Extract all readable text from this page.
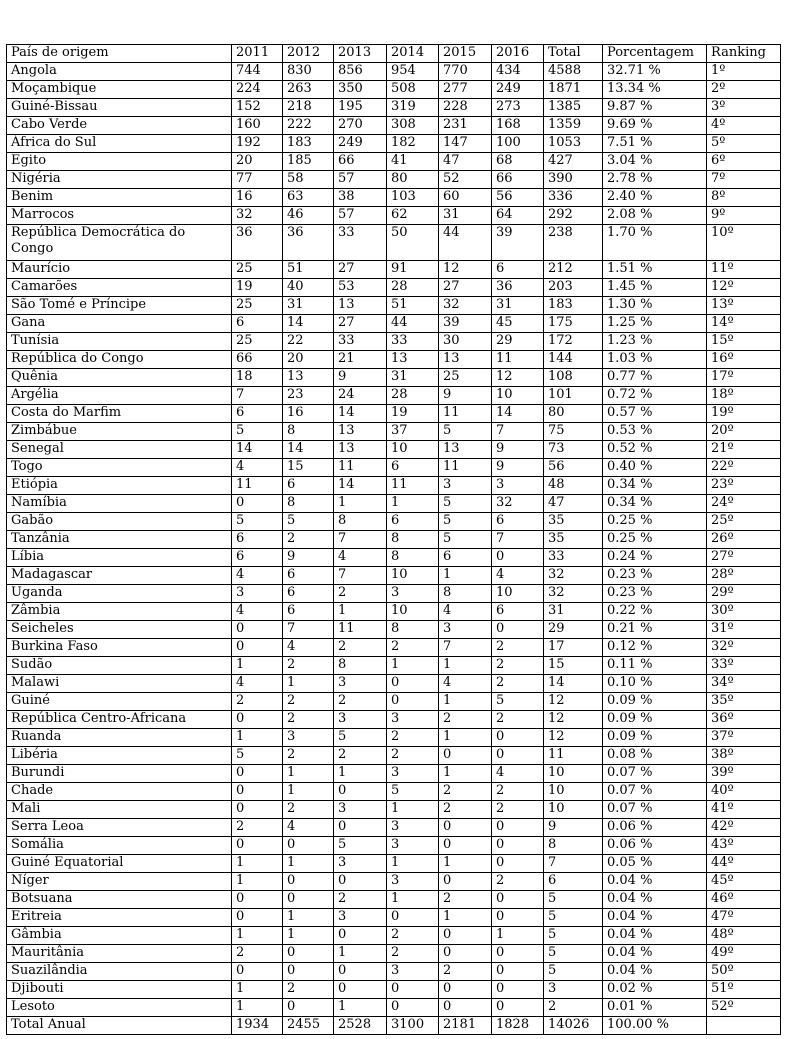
País de origem	2011	2012	2013	2014	2015	2016	Total	Porcentagem	Ranking
Angola	744	830	856	954	770	434	4588	32.71 %	1º
Moçambique	224	263	350	508	277	249	1871	13.34 %	2º
Guiné-Bissau	152	218	195	319	228	273	1385	9.87 %	3º
Cabo Verde	160	222	270	308	231	168	1359	9.69 %	4º
África do Sul	192	183	249	182	147	100	1053	7.51 %	5º
Egito	20	185	66	41	47	68	427	3.04 %	6º
Nigéria	77	58	57	80	52	66	390	2.78 %	7º
Benim	16	63	38	103	60	56	336	2.40 %	8º
Marrocos	32	46	57	62	31	64	292	2.08 %	9º
República Democrática do Congo	36	36	33	50	44	39	238	1.70 %	10º
Maurício	25	51	27	91	12	6	212	1.51 %	11º
Camarões	19	40	53	28	27	36	203	1.45 %	12º
São Tomé e Príncipe	25	31	13	51	32	31	183	1.30 %	13º
Gana	6	14	27	44	39	45	175	1.25 %	14º
Tunísia	25	22	33	33	30	29	172	1.23 %	15º
República do Congo	66	20	21	13	13	11	144	1.03 %	16º
Quênia	18	13	9	31	25	12	108	0.77 %	17º
Argélia	7	23	24	28	9	10	101	0.72 %	18º
Costa do Marfim	6	16	14	19	11	14	80	0.57 %	19º
Zimbábue	5	8	13	37	5	7	75	0.53 %	20º
Senegal	14	14	13	10	13	9	73	0.52 %	21º
Togo	4	15	11	6	11	9	56	0.40 %	22º
Etiópia	11	6	14	11	3	3	48	0.34 %	23º
Namíbia	0	8	1	1	5	32	47	0.34 %	24º
Gabão	5	5	8	6	5	6	35	0.25 %	25º
Tanzânia	6	2	7	8	5	7	35	0.25 %	26º
Líbia	6	9	4	8	6	0	33	0.24 %	27º
Madagascar	4	6	7	10	1	4	32	0.23 %	28º
Uganda	3	6	2	3	8	10	32	0.23 %	29º
Zâmbia	4	6	1	10	4	6	31	0.22 %	30º
Seicheles	0	7	11	8	3	0	29	0.21 %	31º
Burkina Faso	0	4	2	2	7	2	17	0.12 %	32º
Sudão	1	2	8	1	1	2	15	0.11 %	33º
Malawi	4	1	3	0	4	2	14	0.10 %	34º
Guiné	2	2	2	0	1	5	12	0.09 %	35º
República Centro-Africana	0	2	3	3	2	2	12	0.09 %	36º
Ruanda	1	3	5	2	1	0	12	0.09 %	37º
Libéria	5	2	2	2	0	0	11	0.08 %	38º
Burundi	0	1	1	3	1	4	10	0.07 %	39º
Chade	0	1	0	5	2	2	10	0.07 %	40º
Mali	0	2	3	1	2	2	10	0.07 %	41º
Serra Leoa	2	4	0	3	0	0	9	0.06 %	42º
Somália	0	0	5	3	0	0	8	0.06 %	43º
Guiné Equatorial	1	1	3	1	1	0	7	0.05 %	44º
Níger	1	0	0	3	0	2	6	0.04 %	45º
Botsuana	0	0	2	1	2	0	5	0.04 %	46º
Eritreia	0	1	3	0	1	0	5	0.04 %	47º
Gâmbia	1	1	0	2	0	1	5	0.04 %	48º
Mauritânia	2	0	1	2	0	0	5	0.04 %	49º
Suazilândia	0	0	0	3	2	0	5	0.04 %	50º
Djibouti	1	2	0	0	0	0	3	0.02 %	51º
Lesoto	1	0	1	0	0	0	2	0.01 %	52º
Total Anual	1934	2455	2528	3100	2181	1828	14026	100.00 %	
